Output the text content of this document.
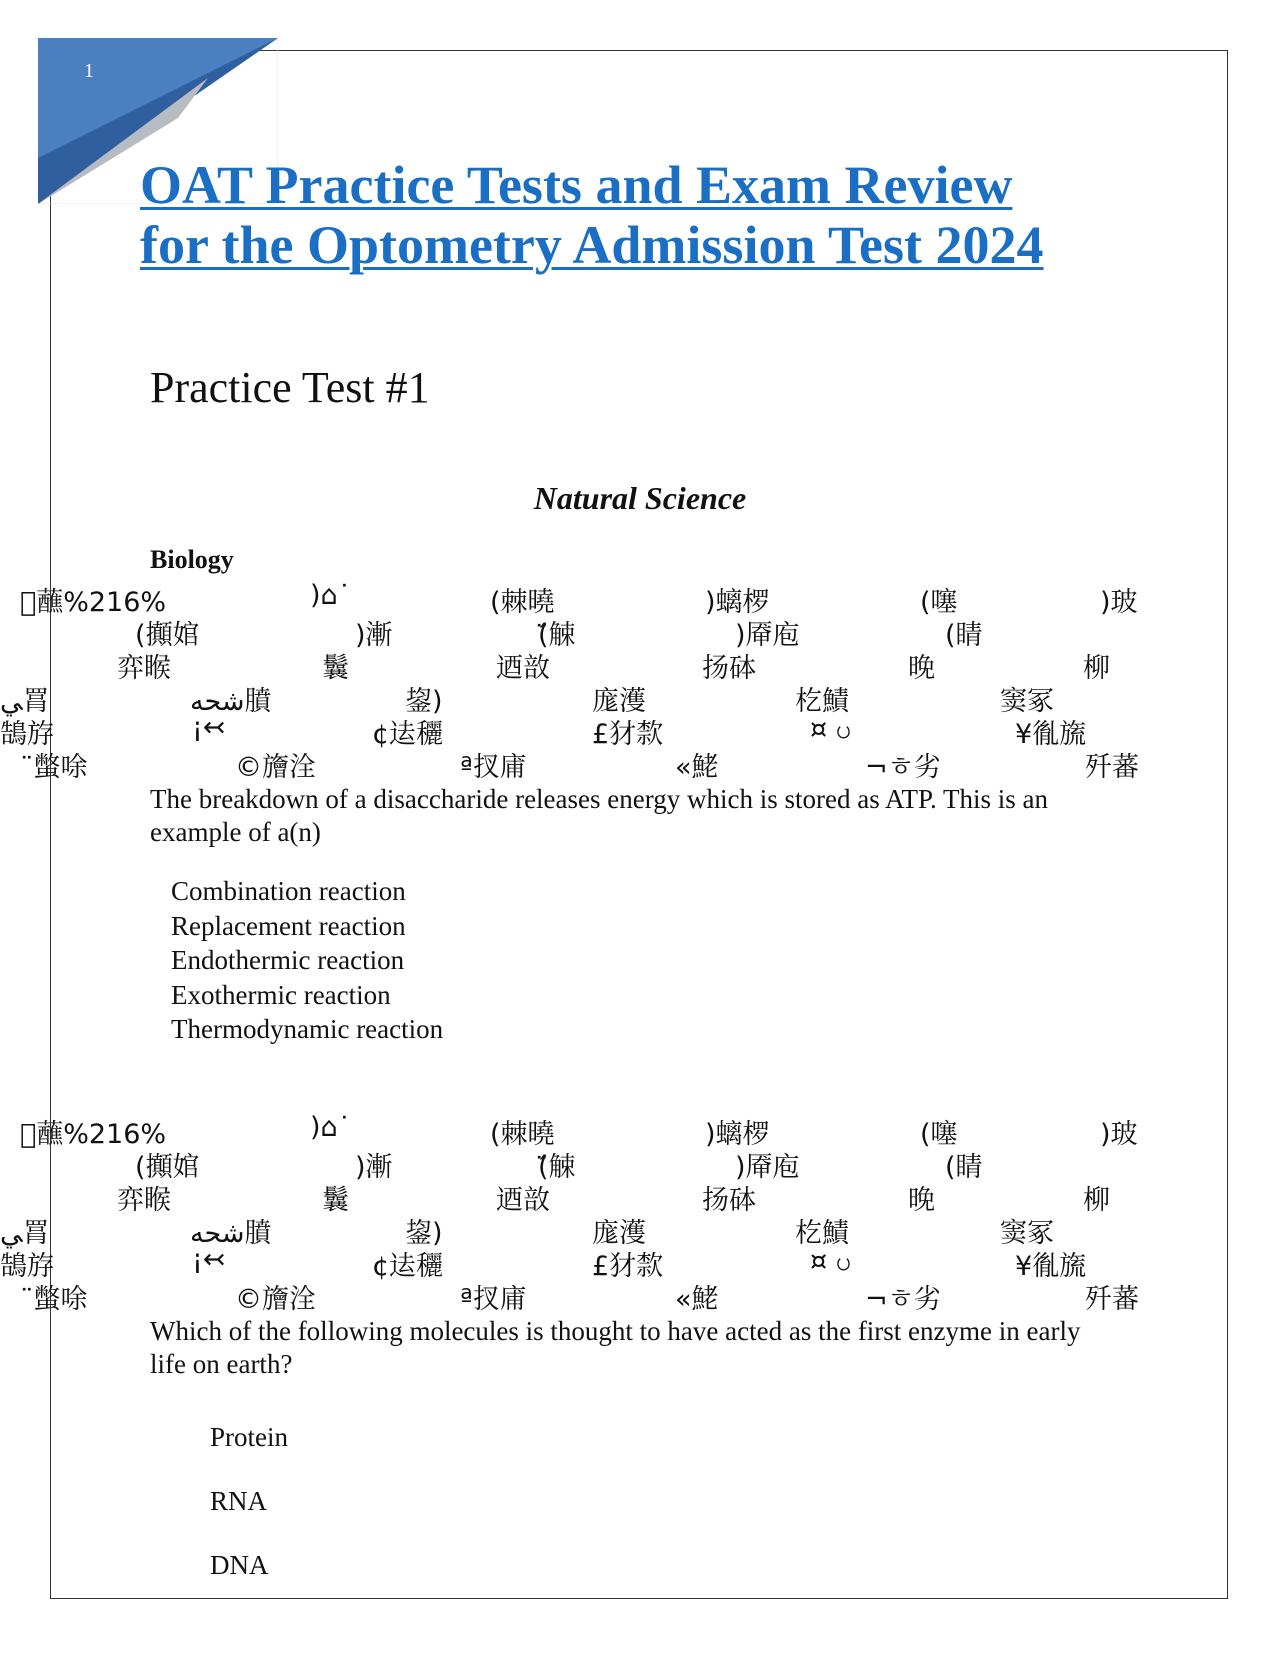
1
OAT Practice Tests and Exam Review
for the Optometry Admission Test 2024
Practice Test #1
Natural Science
Biology
蘸%216%	)⌂˙	(棘曉	)螭椤	(噻	)玻
(攧婠	)漸	(̈́觫	)厣庖	(睛
弈睺	鬤	迺敨	扬砵	晚	柳
ﻲ罥	ﺷﺤﻪ膹	鋆)	庬濩	杚鰿	窦冢
鵠斿	¡↢	¢迲穲	£犲歀	¤ ပ	¥㣧旒
¨蟞唋	©旝洤	ª扠庯	«鮱	¬ㅎ劣	歼蕃

The breakdown of a disaccharide releases energy which is stored as ATP. This is an example of a(n)

Combination reaction
Replacement reaction
Endothermic reaction
Exothermic reaction
Thermodynamic reaction
蘸%216%	)⌂˙	(棘曉	)螭椤	(噻	)玻
(攧婠	)漸	(̈́觫	)厣庖	(睛
弈睺	鬤	迺敨	扬砵	晚	柳
ﻲ罥	ﺷﺤﻪ膹	鋆)	庬濩	杚鰿	窦冢
鵠斿	¡↢	¢迲穲	£犲歀	¤ ပ	¥㣧旒
¨蟞唋	©旝洤	ª扠庯	«鮱	¬ㅎ劣	歼蕃

Which of the following molecules is thought to have acted as the first enzyme in early life on earth?

Protein
RNA
DNA
